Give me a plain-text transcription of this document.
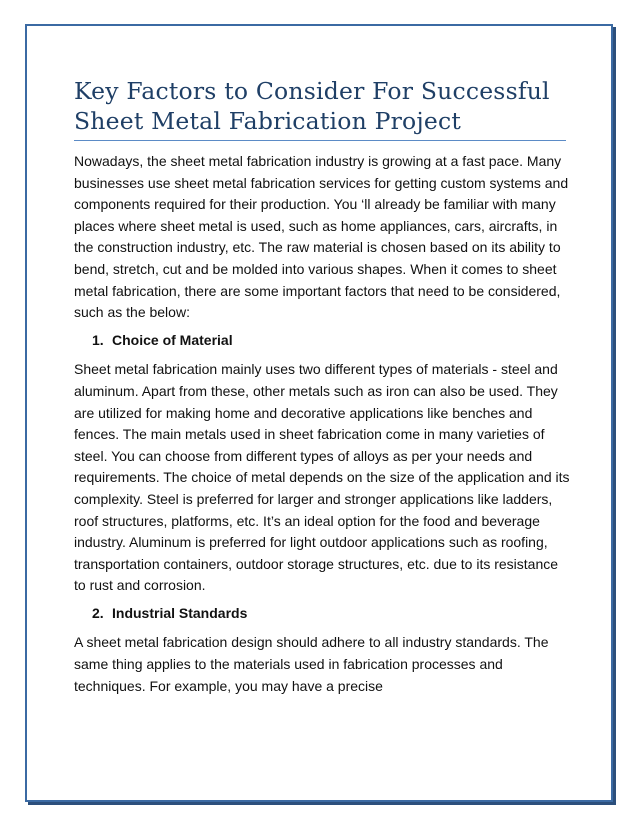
Key Factors to Consider For Successful
Sheet Metal Fabrication Project

Nowadays, the sheet metal fabrication industry is growing at a fast pace. Many businesses use sheet metal fabrication services for getting custom systems and components required for their production. You ‘ll already be familiar with many places where sheet metal is used, such as home appliances, cars, aircrafts, in the construction industry, etc. The raw material is chosen based on its ability to bend, stretch, cut and be molded into various shapes. When it comes to sheet metal fabrication, there are some important factors that need to be considered, such as the below:

1. Choice of Material

Sheet metal fabrication mainly uses two different types of materials - steel and aluminum. Apart from these, other metals such as iron can also be used. They are utilized for making home and decorative applications like benches and fences. The main metals used in sheet fabrication come in many varieties of steel. You can choose from different types of alloys as per your needs and requirements. The choice of metal depends on the size of the application and its complexity. Steel is preferred for larger and stronger applications like ladders, roof structures, platforms, etc. It’s an ideal option for the food and beverage industry. Aluminum is preferred for light outdoor applications such as roofing, transportation containers, outdoor storage structures, etc. due to its resistance to rust and corrosion.

2. Industrial Standards

A sheet metal fabrication design should adhere to all industry standards. The same thing applies to the materials used in fabrication processes and techniques. For example, you may have a precise
